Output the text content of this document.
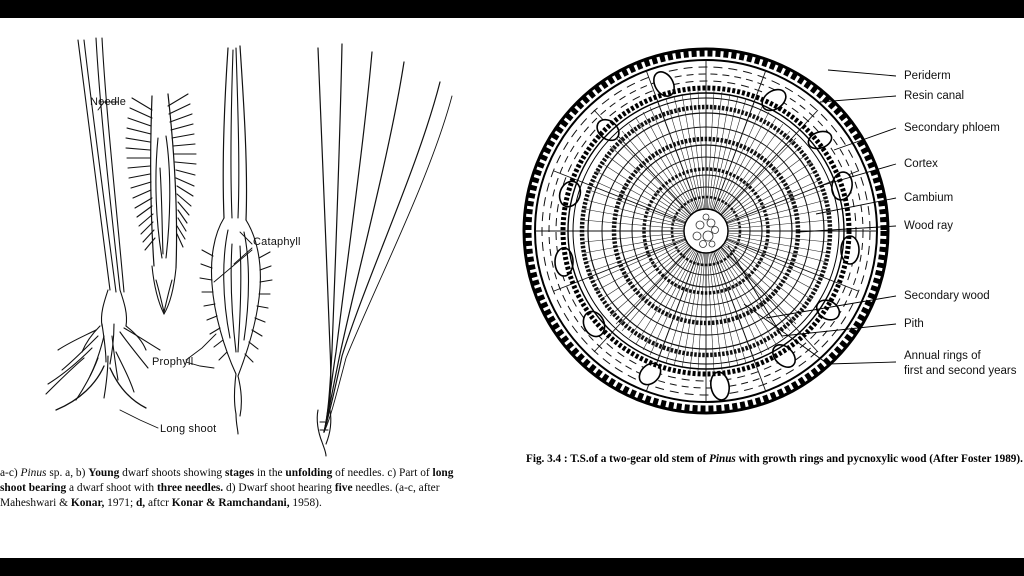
Needle
Cataphyll
Prophyll
Long shoot
a-c) Pinus sp. a, b) Young dwarf shoots showing stages in the unfolding of needles. c) Part of long shoot bearing a dwarf shoot with three needles. d) Dwarf shoot hearing five needles. (a-c, after Maheshwari & Konar, 1971; d, aftcr Konar & Ramchandani, 1958).
Periderm
Resin canal
Secondary phloem
Cortex
Cambium
Wood ray
Secondary wood
Pith
Annual rings of
first and second years
Fig. 3.4 : T.S.of a two-gear old stem of Pinus with growth rings and pycnoxylic wood (After Foster 1989).
